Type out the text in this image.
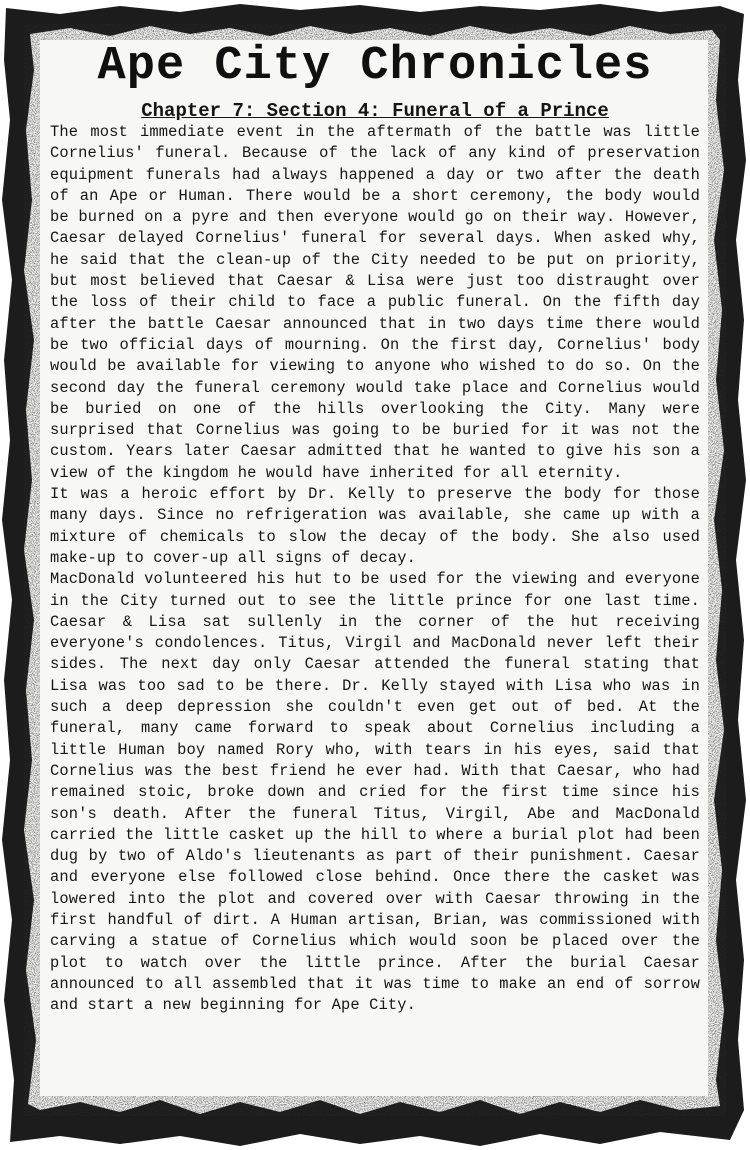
Ape City Chronicles
Chapter 7: Section 4: Funeral of a Prince

The most immediate event in the aftermath of the battle was little Cornelius' funeral. Because of the lack of any kind of preservation equipment funerals had always happened a day or two after the death of an Ape or Human. There would be a short ceremony, the body would be burned on a pyre and then everyone would go on their way. However, Caesar delayed Cornelius' funeral for several days. When asked why, he said that the clean-up of the City needed to be put on priority, but most believed that Caesar & Lisa were just too distraught over the loss of their child to face a public funeral. On the fifth day after the battle Caesar announced that in two days time there would be two official days of mourning. On the first day, Cornelius' body would be available for viewing to anyone who wished to do so. On the second day the funeral ceremony would take place and Cornelius would be buried on one of the hills overlooking the City. Many were surprised that Cornelius was going to be buried for it was not the custom. Years later Caesar admitted that he wanted to give his son a view of the kingdom he would have inherited for all eternity.

It was a heroic effort by Dr. Kelly to preserve the body for those many days. Since no refrigeration was available, she came up with a mixture of chemicals to slow the decay of the body. She also used make-up to cover-up all signs of decay.

MacDonald volunteered his hut to be used for the viewing and everyone in the City turned out to see the little prince for one last time. Caesar & Lisa sat sullenly in the corner of the hut receiving everyone's condolences. Titus, Virgil and MacDonald never left their sides. The next day only Caesar attended the funeral stating that Lisa was too sad to be there. Dr. Kelly stayed with Lisa who was in such a deep depression she couldn't even get out of bed. At the funeral, many came forward to speak about Cornelius including a little Human boy named Rory who, with tears in his eyes, said that Cornelius was the best friend he ever had. With that Caesar, who had remained stoic, broke down and cried for the first time since his son's death. After the funeral Titus, Virgil, Abe and MacDonald carried the little casket up the hill to where a burial plot had been dug by two of Aldo's lieutenants as part of their punishment. Caesar and everyone else followed close behind. Once there the casket was lowered into the plot and covered over with Caesar throwing in the first handful of dirt. A Human artisan, Brian, was commissioned with carving a statue of Cornelius which would soon be placed over the plot to watch over the little prince. After the burial Caesar announced to all assembled that it was time to make an end of sorrow and start a new beginning for Ape City.
